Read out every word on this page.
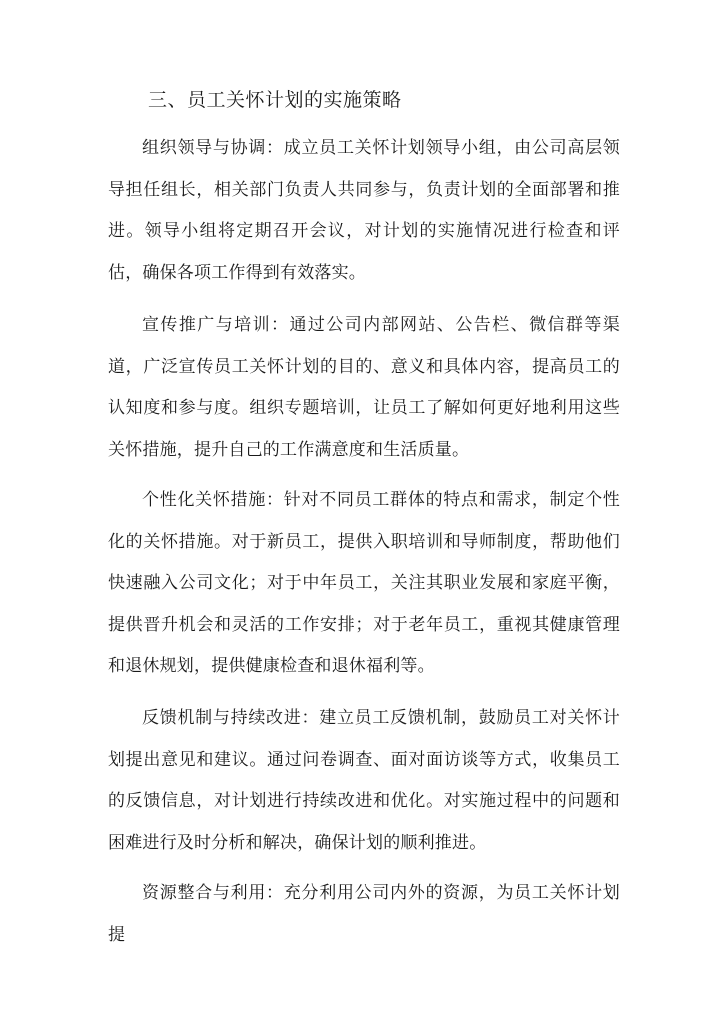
三、员工关怀计划的实施策略

组织领导与协调：成立员工关怀计划领导小组，由公司高层领导担任组长，相关部门负责人共同参与，负责计划的全面部署和推进。领导小组将定期召开会议，对计划的实施情况进行检查和评估，确保各项工作得到有效落实。

宣传推广与培训：通过公司内部网站、公告栏、微信群等渠道，广泛宣传员工关怀计划的目的、意义和具体内容，提高员工的认知度和参与度。组织专题培训，让员工了解如何更好地利用这些关怀措施，提升自己的工作满意度和生活质量。

个性化关怀措施：针对不同员工群体的特点和需求，制定个性化的关怀措施。对于新员工，提供入职培训和导师制度，帮助他们快速融入公司文化；对于中年员工，关注其职业发展和家庭平衡，提供晋升机会和灵活的工作安排；对于老年员工，重视其健康管理和退休规划，提供健康检查和退休福利等。

反馈机制与持续改进：建立员工反馈机制，鼓励员工对关怀计划提出意见和建议。通过问卷调查、面对面访谈等方式，收集员工的反馈信息，对计划进行持续改进和优化。对实施过程中的问题和困难进行及时分析和解决，确保计划的顺利推进。

资源整合与利用：充分利用公司内外的资源，为员工关怀计划提
